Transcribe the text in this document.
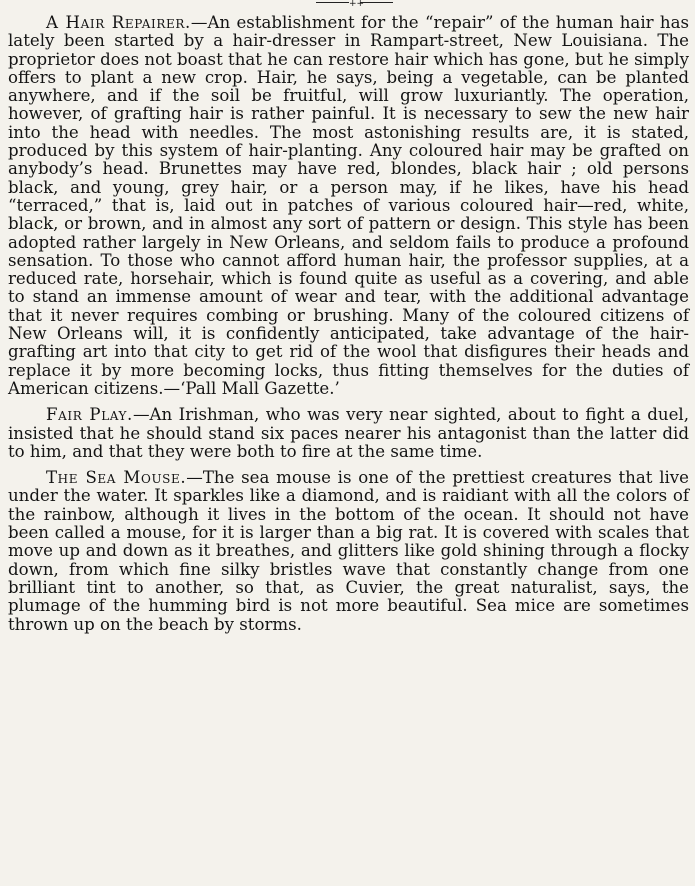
++

A Hair Repairer.—An establishment for the “repair” of the human hair has lately been started by a hair-dresser in Rampart-street, New Louisiana. The proprietor does not boast that he can restore hair which has gone, but he simply offers to plant a new crop. Hair, he says, being a vegetable, can be planted anywhere, and if the soil be fruitful, will grow luxuriantly. The operation, however, of grafting hair is rather painful. It is necessary to sew the new hair into the head with needles. The most astonishing results are, it is stated, produced by this system of hair-planting. Any coloured hair may be grafted on anybody’s head. Brunettes may have red, blondes, black hair ; old persons black, and young, grey hair, or a person may, if he likes, have his head “terraced,” that is, laid out in patches of various coloured hair—red, white, black, or brown, and in almost any sort of pattern or design. This style has been adopted rather largely in New Orleans, and seldom fails to produce a profound sensation. To those who cannot afford human hair, the professor supplies, at a reduced rate, horsehair, which is found quite as useful as a covering, and able to stand an immense amount of wear and tear, with the additional advantage that it never requires combing or brushing. Many of the coloured citizens of New Orleans will, it is confidently anticipated, take advantage of the hair-grafting art into that city to get rid of the wool that disfigures their heads and replace it by more becoming locks, thus fitting themselves for the duties of American citizens.—‘Pall Mall Gazette.’

Fair Play.—An Irishman, who was very near sighted, about to fight a duel, insisted that he should stand six paces nearer his antagonist than the latter did to him, and that they were both to fire at the same time.

The Sea Mouse.—The sea mouse is one of the prettiest creatures that live under the water. It sparkles like a diamond, and is raidiant with all the colors of the rainbow, although it lives in the bottom of the ocean. It should not have been called a mouse, for it is larger than a big rat. It is covered with scales that move up and down as it breathes, and glitters like gold shining through a flocky down, from which fine silky bristles wave that constantly change from one brilliant tint to another, so that, as Cuvier, the great naturalist, says, the plumage of the humming bird is not more beautiful. Sea mice are sometimes thrown up on the beach by storms.
